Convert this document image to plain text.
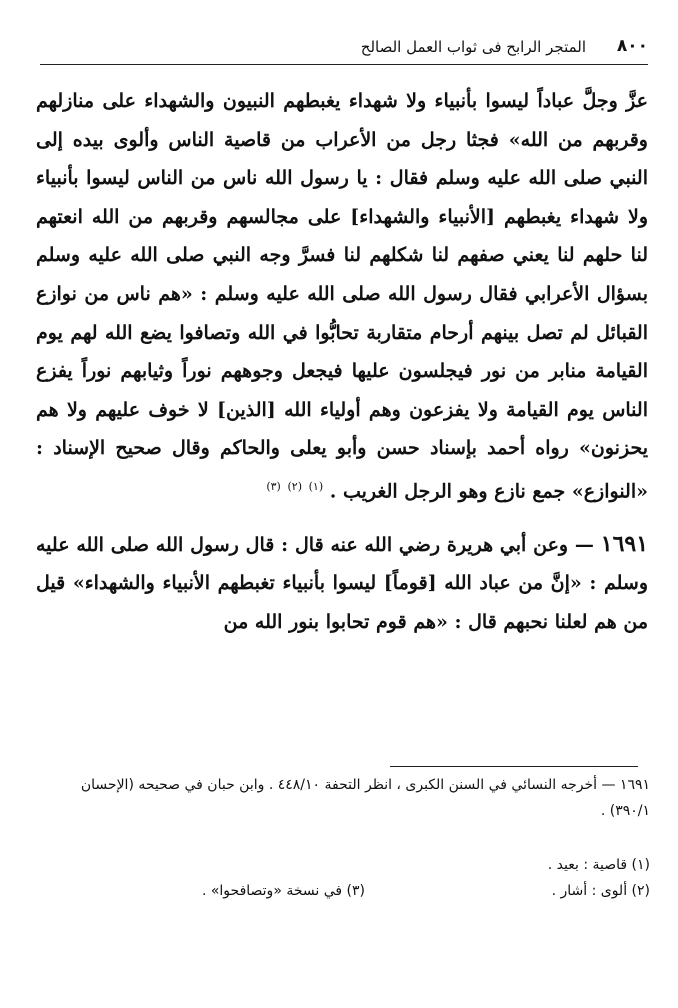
٨٠٠
المتجر الرابح فى ثواب العمل الصالح

عزَّ وجلَّ عباداً ليسوا بأنبياء ولا شهداء يغبطهم النبيون والشهداء على منازلهم وقربهم من الله» فجثا رجل من الأعراب من قاصية الناس وألوى بيده إلى النبي صلى الله عليه وسلم فقال : يا رسول الله ناس من الناس ليسوا بأنبياء ولا شهداء يغبطهم [الأنبياء والشهداء] على مجالسهم وقربهم من الله انعتهم لنا حلهم لنا يعني صفهم لنا شكلهم لنا فسرَّ وجه النبي صلى الله عليه وسلم بسؤال الأعرابي فقال رسول الله صلى الله عليه وسلم : «هم ناس من نوازع القبائل لم تصل بينهم أرحام متقاربة تحابُّوا في الله وتصافوا يضع الله لهم يوم القيامة منابر من نور فيجلسون عليها فيجعل وجوههم نوراً وثيابهم نوراً يفزع الناس يوم القيامة ولا يفزعون وهم أولياء الله [الذين] لا خوف عليهم ولا هم يحزنون» رواه أحمد بإسناد حسن وأبو يعلى والحاكم وقال صحيح الإسناد : «النوازع» جمع نازع وهو الرجل الغريب . $^{(١)}$ $^{(٢)}$ $^{(٣)}$

١٦٩١ — وعن أبي هريرة رضي الله عنه قال : قال رسول الله صلى الله عليه وسلم : «إنَّ من عباد الله [قوماً] ليسوا بأنبياء تغبطهم الأنبياء والشهداء» قيل من هم لعلنا نحبهم قال : «هم قوم تحابوا بنور الله من

١٦٩١ — أخرجه النسائي في السنن الكبرى ، انظر التحفة ٤٤٨/١٠ . وابن حبان في صحيحه (الإحسان ٣٩٠/١) .

(١) قاصية : بعيد .

(٢) ألوى : أشار .
(٣) في نسخة «وتصافحوا» .
